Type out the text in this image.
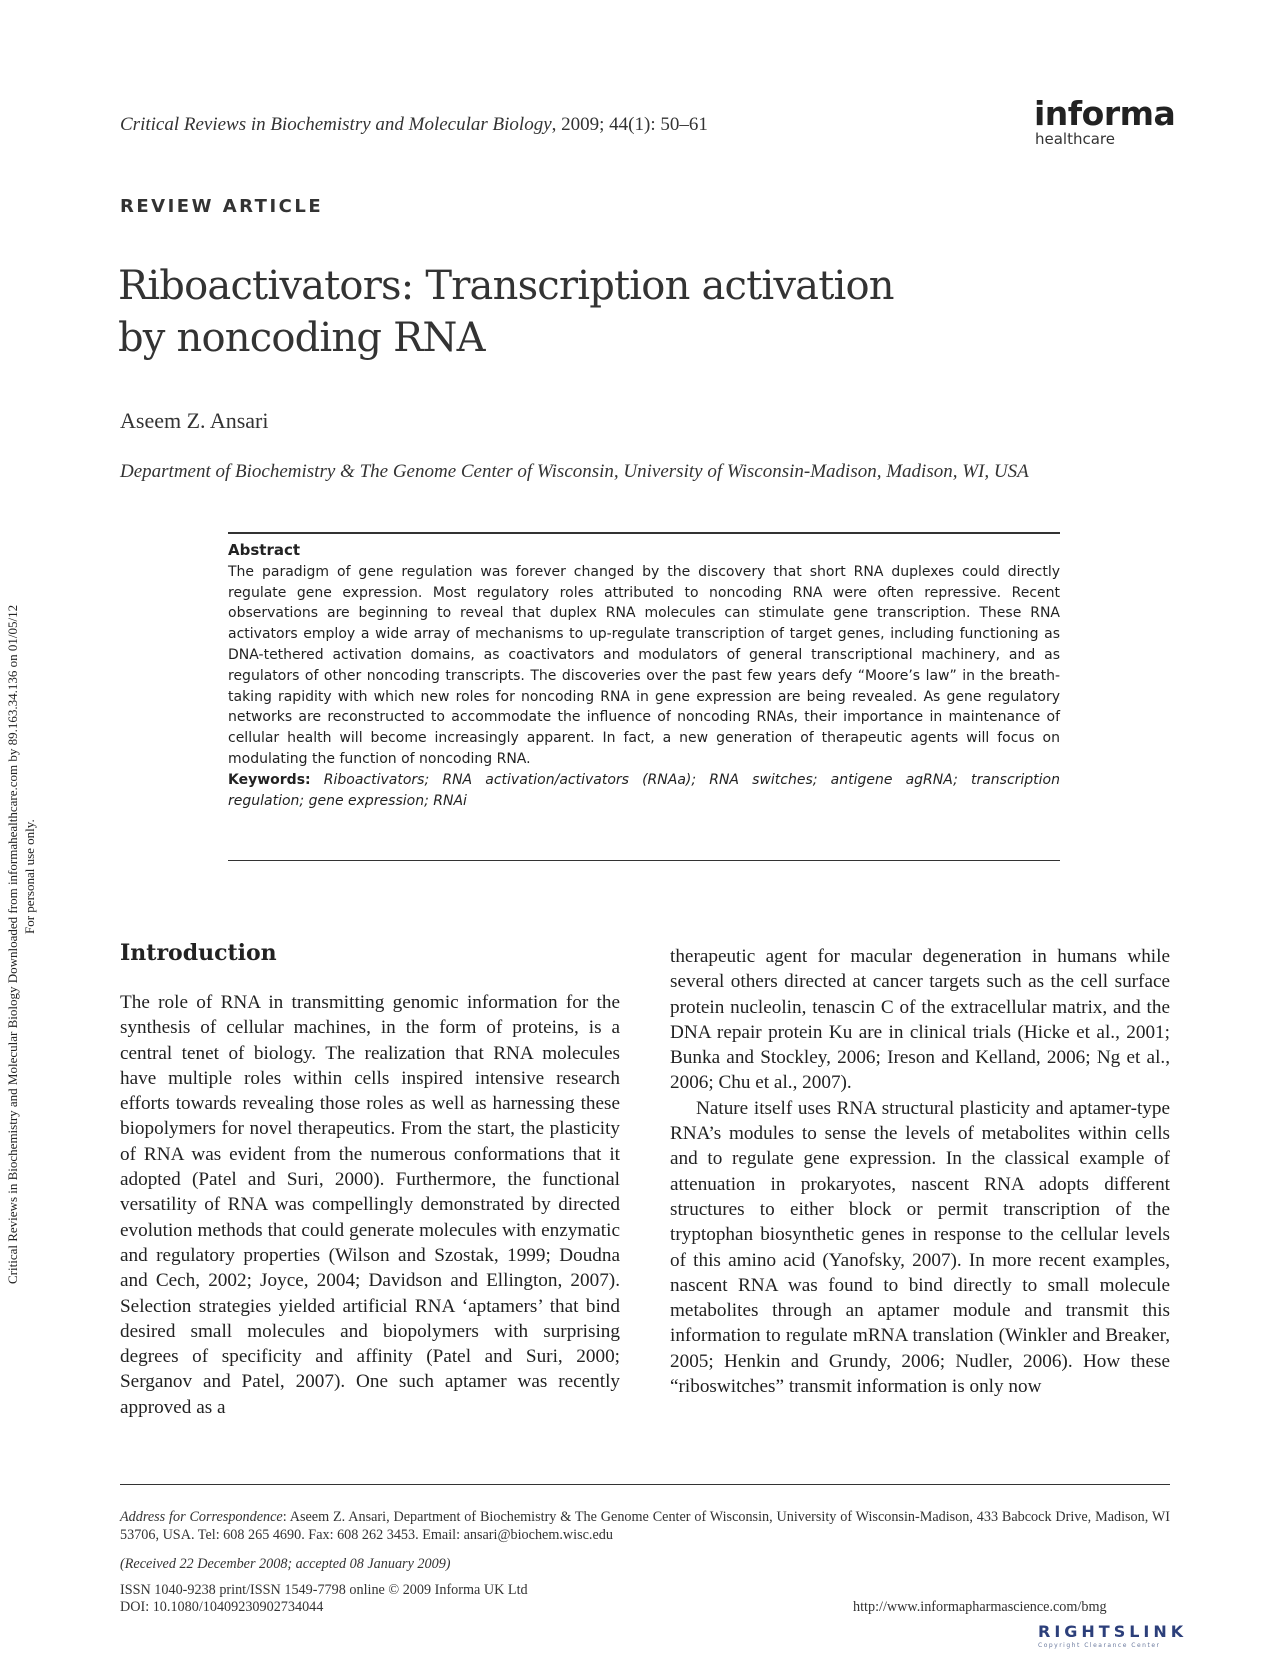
Critical Reviews in Biochemistry and Molecular Biology Downloaded from informahealthcare.com by 89.163.34.136 on 01/05/12 For personal use only.
Critical Reviews in Biochemistry and Molecular Biology, 2009; 44(1): 50–61	informa
healthcare
REVIEW ARTICLE
Riboactivators: Transcription activation
by noncoding RNA
Aseem Z. Ansari
Department of Biochemistry & The Genome Center of Wisconsin, University of Wisconsin-Madison, Madison, WI, USA
Abstract

The paradigm of gene regulation was forever changed by the discovery that short RNA duplexes could directly regulate gene expression. Most regulatory roles attributed to noncoding RNA were often repressive. Recent observations are beginning to reveal that duplex RNA molecules can stimulate gene transcription. These RNA activators employ a wide array of mechanisms to up-regulate transcription of target genes, including functioning as DNA-tethered activation domains, as coactivators and modulators of general transcriptional machinery, and as regulators of other noncoding transcripts. The discoveries over the past few years defy “Moore’s law” in the breath-taking rapidity with which new roles for noncoding RNA in gene expression are being revealed. As gene regulatory networks are reconstructed to accommodate the influence of noncoding RNAs, their importance in maintenance of cellular health will become increasingly apparent. In fact, a new generation of therapeutic agents will focus on modulating the function of noncoding RNA.

Keywords: Riboactivators; RNA activation/activators (RNAa); RNA switches; antigene agRNA; transcription regulation; gene expression; RNAi

Introduction

The role of RNA in transmitting genomic information for the synthesis of cellular machines, in the form of proteins, is a central tenet of biology. The realization that RNA molecules have multiple roles within cells inspired intensive research efforts towards revealing those roles as well as harnessing these biopolymers for novel therapeutics. From the start, the plasticity of RNA was evident from the numerous conformations that it adopted (Patel and Suri, 2000). Furthermore, the functional versatility of RNA was compellingly demonstrated by directed evolution methods that could generate molecules with enzymatic and regulatory properties (Wilson and Szostak, 1999; Doudna and Cech, 2002; Joyce, 2004; Davidson and Ellington, 2007). Selection strategies yielded artificial RNA ‘aptamers’ that bind desired small molecules and biopolymers with surprising degrees of specificity and affinity (Patel and Suri, 2000; Serganov and Patel, 2007). One such aptamer was recently approved as a

therapeutic agent for macular degeneration in humans while several others directed at cancer targets such as the cell surface protein nucleolin, tenascin C of the extracellular matrix, and the DNA repair protein Ku are in clinical trials (Hicke et al., 2001; Bunka and Stockley, 2006; Ireson and Kelland, 2006; Ng et al., 2006; Chu et al., 2007).

Nature itself uses RNA structural plasticity and aptamer-type RNA’s modules to sense the levels of metabolites within cells and to regulate gene expression. In the classical example of attenuation in prokaryotes, nascent RNA adopts different structures to either block or permit transcription of the tryptophan biosynthetic genes in response to the cellular levels of this amino acid (Yanofsky, 2007). In more recent examples, nascent RNA was found to bind directly to small molecule metabolites through an aptamer module and transmit this information to regulate mRNA translation (Winkler and Breaker, 2005; Henkin and Grundy, 2006; Nudler, 2006). How these “riboswitches” transmit information is only now

Address for Correspondence: Aseem Z. Ansari, Department of Biochemistry & The Genome Center of Wisconsin, University of Wisconsin-Madison, 433 Babcock Drive, Madison, WI 53706, USA. Tel: 608 265 4690. Fax: 608 262 3453. Email: ansari@biochem.wisc.edu
(Received 22 December 2008; accepted 08 January 2009)
ISSN 1040-9238 print/ISSN 1549-7798 online © 2009 Informa UK Ltd
DOI: 10.1080/10409230902734044	http://www.informapharmascience.com/bmg
RIGHTSLINK
Copyright Clearance Center
